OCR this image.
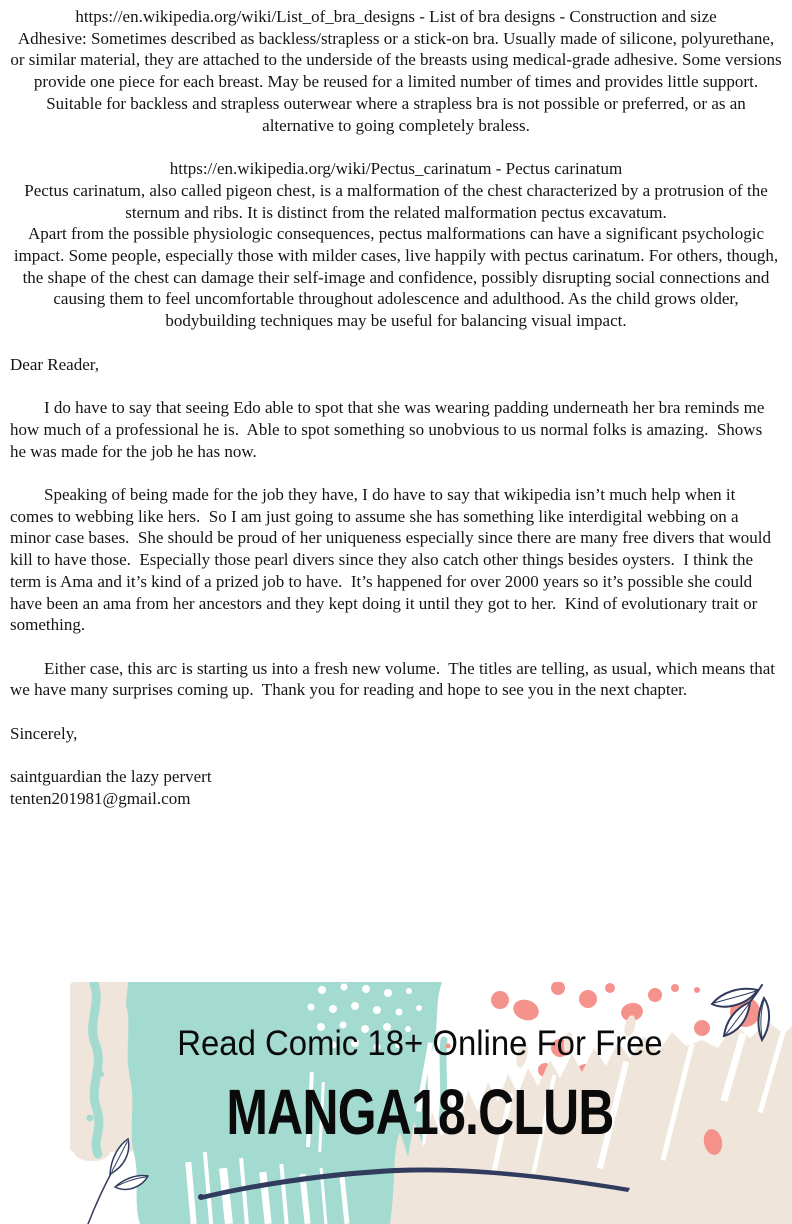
https://en.wikipedia.org/wiki/List_of_bra_designs - List of bra designs - Construction and size

Adhesive: Sometimes described as backless/strapless or a stick-on bra. Usually made of silicone, polyurethane, or similar material, they are attached to the underside of the breasts using medical-grade adhesive. Some versions provide one piece for each breast. May be reused for a limited number of times and provides little support. Suitable for backless and strapless outerwear where a strapless bra is not possible or preferred, or as an alternative to going completely braless.

https://en.wikipedia.org/wiki/Pectus_carinatum - Pectus carinatum

Pectus carinatum, also called pigeon chest, is a malformation of the chest characterized by a protrusion of the sternum and ribs. It is distinct from the related malformation pectus excavatum.

Apart from the possible physiologic consequences, pectus malformations can have a significant psychologic impact. Some people, especially those with milder cases, live happily with pectus carinatum. For others, though, the shape of the chest can damage their self-image and confidence, possibly disrupting social connections and causing them to feel uncomfortable throughout adolescence and adulthood. As the child grows older, bodybuilding techniques may be useful for balancing visual impact.

Dear Reader,

I do have to say that seeing Edo able to spot that she was wearing padding underneath her bra reminds me how much of a professional he is.  Able to spot something so unobvious to us normal folks is amazing.  Shows he was made for the job he has now.

Speaking of being made for the job they have, I do have to say that wikipedia isn’t much help when it comes to webbing like hers.  So I am just going to assume she has something like interdigital webbing on a minor case bases.  She should be proud of her uniqueness especially since there are many free divers that would kill to have those.  Especially those pearl divers since they also catch other things besides oysters.  I think the term is Ama and it’s kind of a prized job to have.  It’s happened for over 2000 years so it’s possible she could have been an ama from her ancestors and they kept doing it until they got to her.  Kind of evolutionary trait or something.

Either case, this arc is starting us into a fresh new volume.  The titles are telling, as usual, which means that we have many surprises coming up.  Thank you for reading and hope to see you in the next chapter.

Sincerely,

saintguardian the lazy pervert
tenten201981@gmail.com
Read Comic 18+ Online For Free
MANGA18.CLUB
